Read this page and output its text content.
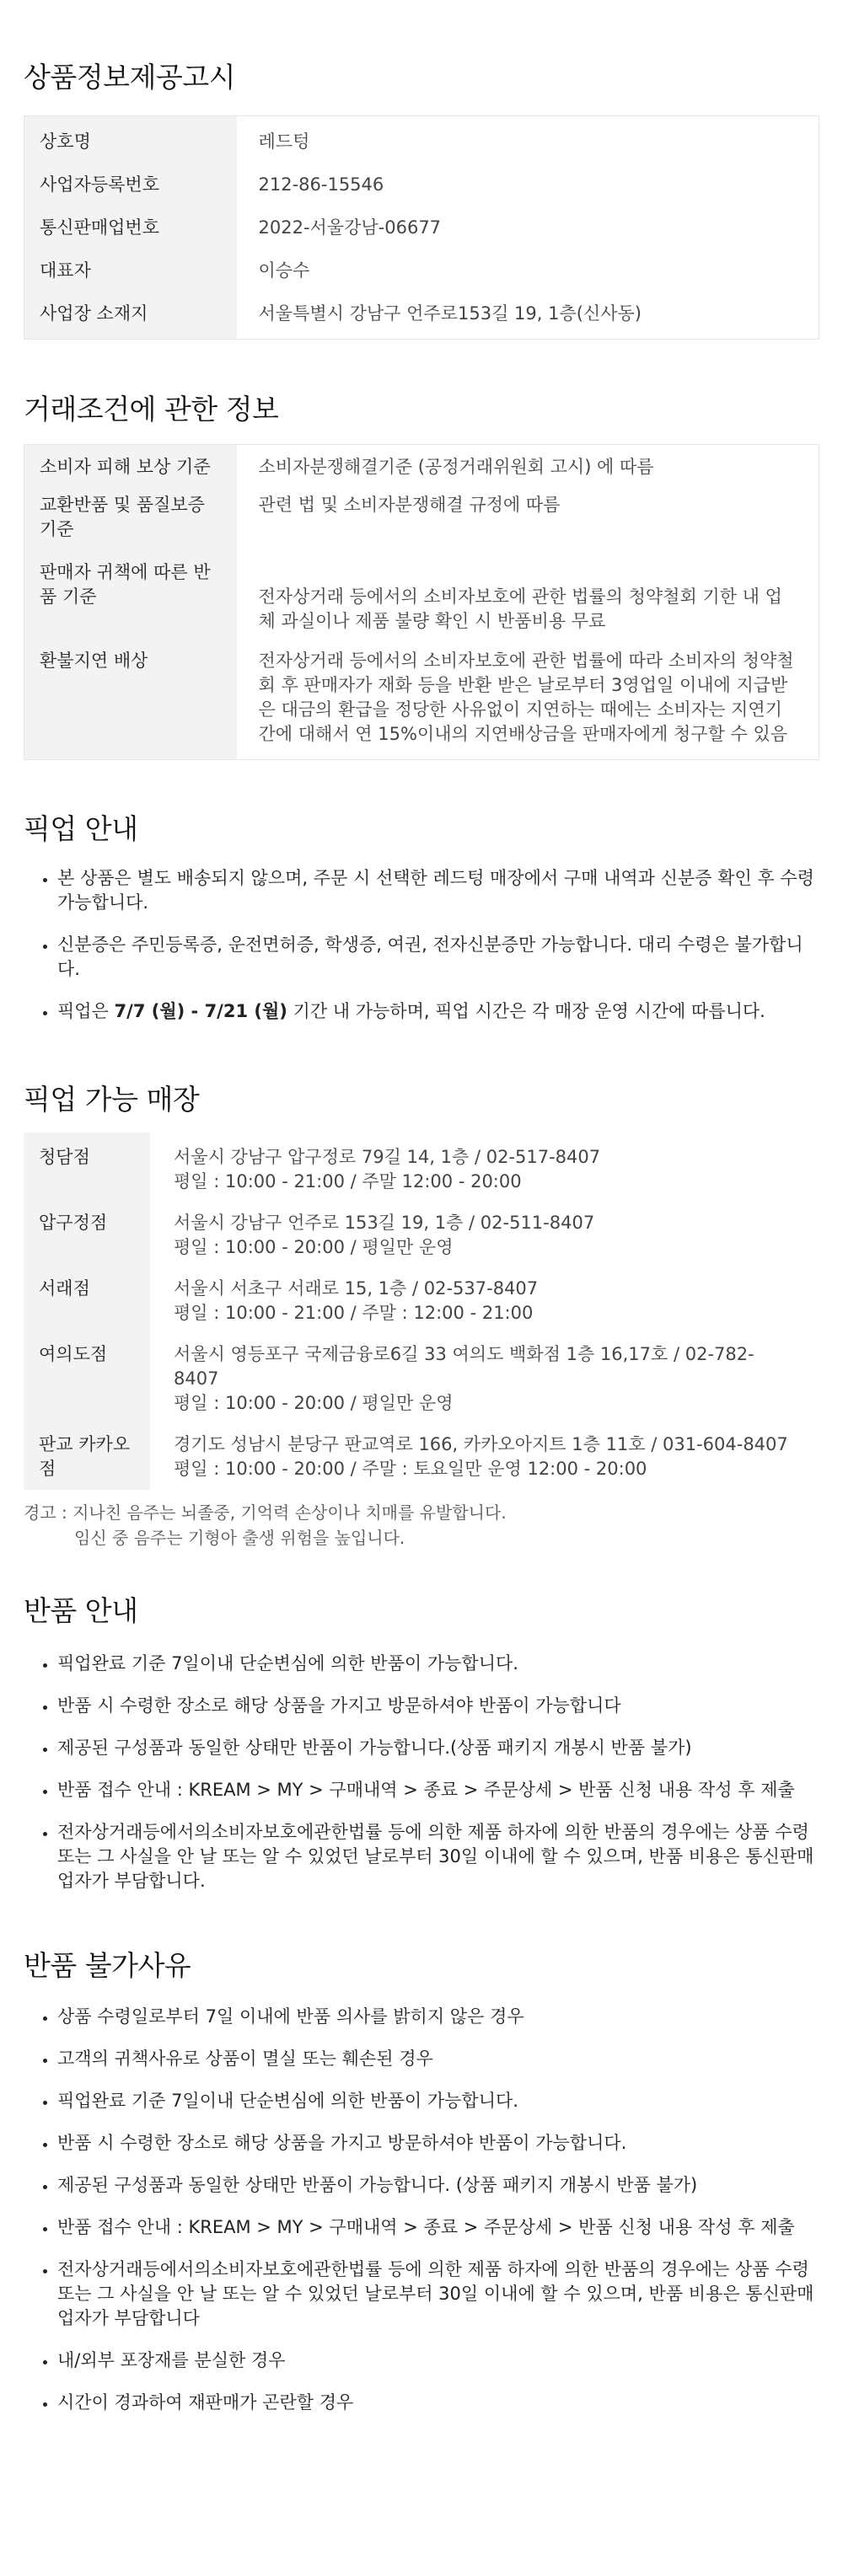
상품정보제공고시
상호명	레드텅
사업자등록번호	212-86-15546
통신판매업번호	2022-서울강남-06677
대표자	이승수
사업장 소재지	서울특별시 강남구 언주로153길 19, 1층(신사동)
거래조건에 관한 정보
소비자 피해 보상 기준	소비자분쟁해결기준 (공정거래위원회 고시) 에 따름
교환반품 및 품질보증 기준	관련 법 및 소비자분쟁해결 규정에 따름
판매자 귀책에 따른 반품 기준	전자상거래 등에서의 소비자보호에 관한 법률의 청약철회 기한 내 업체 과실이나 제품 불량 확인 시 반품비용 무료
환불지연 배상	전자상거래 등에서의 소비자보호에 관한 법률에 따라 소비자의 청약철회 후 판매자가 재화 등을 반환 받은 날로부터 3영업일 이내에 지급받은 대금의 환급을 정당한 사유없이 지연하는 때에는 소비자는 지연기간에 대해서 연 15%이내의 지연배상금을 판매자에게 청구할 수 있음
픽업 안내
• 본 상품은 별도 배송되지 않으며, 주문 시 선택한 레드텅 매장에서 구매 내역과 신분증 확인 후 수령 가능합니다.
• 신분증은 주민등록증, 운전면허증, 학생증, 여권, 전자신분증만 가능합니다. 대리 수령은 불가합니다.
• 픽업은 7/7 (월) - 7/21 (월) 기간 내 가능하며, 픽업 시간은 각 매장 운영 시간에 따릅니다.
픽업 가능 매장
청담점	서울시 강남구 압구정로 79길 14, 1층 / 02-517-8407
평일 : 10:00 - 21:00 / 주말 12:00 - 20:00

압구정점	서울시 강남구 언주로 153길 19, 1층 / 02-511-8407
평일 : 10:00 - 20:00 / 평일만 운영

서래점	서울시 서초구 서래로 15, 1층 / 02-537-8407
평일 : 10:00 - 21:00 / 주말 : 12:00 - 21:00

여의도점	서울시 영등포구 국제금융로6길 33 여의도 백화점 1층 16,17호 / 02-782-8407
평일 : 10:00 - 20:00 / 평일만 운영

판교 카카오점	경기도 성남시 분당구 판교역로 166, 카카오아지트 1층 11호 / 031-604-8407
평일 : 10:00 - 20:00 / 주말 : 토요일만 운영 12:00 - 20:00
경고 : 지나친 음주는 뇌졸중, 기억력 손상이나 치매를 유발합니다.
임신 중 음주는 기형아 출생 위험을 높입니다.
반품 안내
• 픽업완료 기준 7일이내 단순변심에 의한 반품이 가능합니다.
• 반품 시 수령한 장소로 해당 상품을 가지고 방문하셔야 반품이 가능합니다
• 제공된 구성품과 동일한 상태만 반품이 가능합니다.(상품 패키지 개봉시 반품 불가)
• 반품 접수 안내 : KREAM > MY > 구매내역 > 종료 > 주문상세 > 반품 신청 내용 작성 후 제출
• 전자상거래등에서의소비자보호에관한법률 등에 의한 제품 하자에 의한 반품의 경우에는 상품 수령 또는 그 사실을 안 날 또는 알 수 있었던 날로부터 30일 이내에 할 수 있으며, 반품 비용은 통신판매업자가 부담합니다.
반품 불가사유
• 상품 수령일로부터 7일 이내에 반품 의사를 밝히지 않은 경우
• 고객의 귀책사유로 상품이 멸실 또는 훼손된 경우
• 픽업완료 기준 7일이내 단순변심에 의한 반품이 가능합니다.
• 반품 시 수령한 장소로 해당 상품을 가지고 방문하셔야 반품이 가능합니다.
• 제공된 구성품과 동일한 상태만 반품이 가능합니다. (상품 패키지 개봉시 반품 불가)
• 반품 접수 안내 : KREAM > MY > 구매내역 > 종료 > 주문상세 > 반품 신청 내용 작성 후 제출
• 전자상거래등에서의소비자보호에관한법률 등에 의한 제품 하자에 의한 반품의 경우에는 상품 수령 또는 그 사실을 안 날 또는 알 수 있었던 날로부터 30일 이내에 할 수 있으며, 반품 비용은 통신판매업자가 부담합니다
• 내/외부 포장재를 분실한 경우
• 시간이 경과하여 재판매가 곤란할 경우
